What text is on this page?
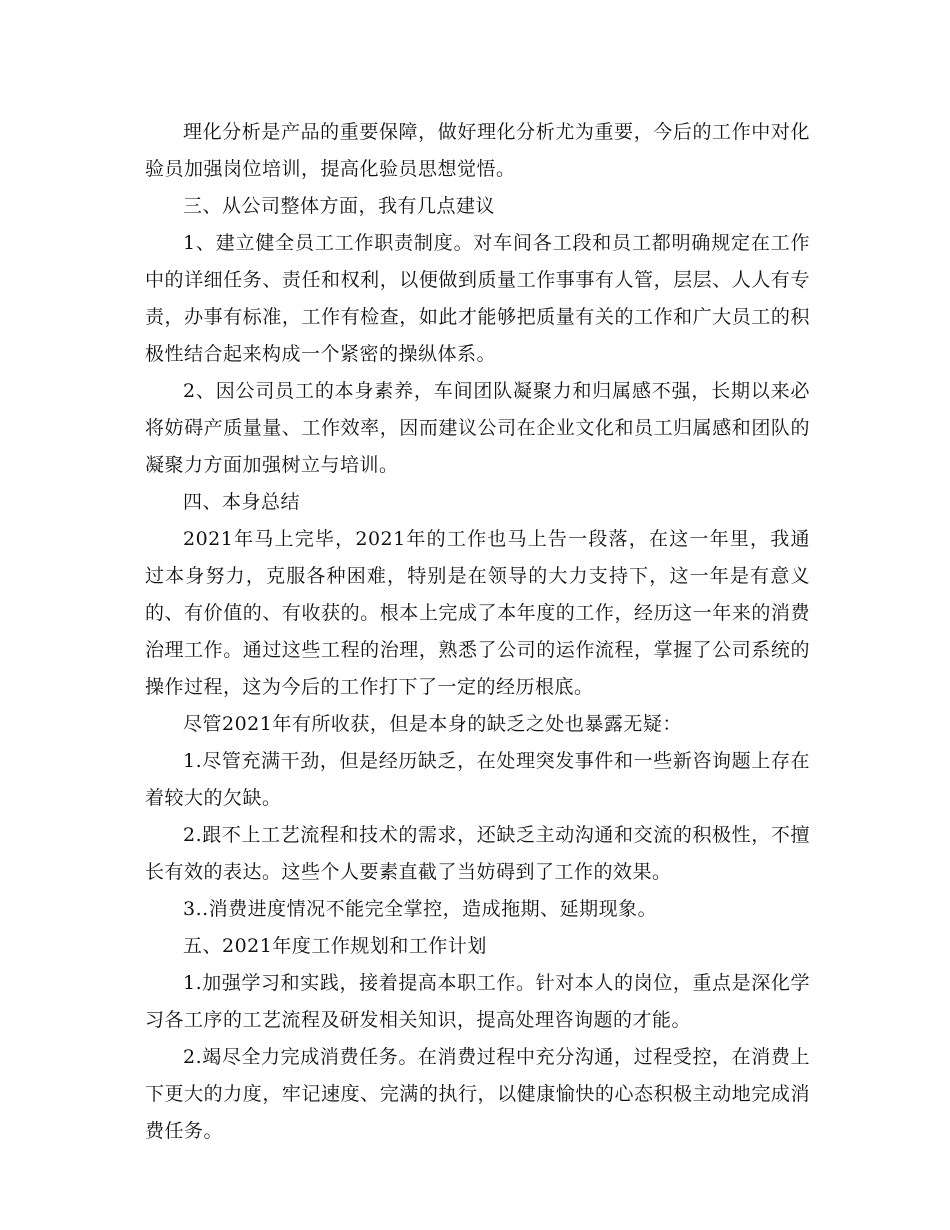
理化分析是产品的重要保障，做好理化分析尤为重要，今后的工作中对化验员加强岗位培训，提高化验员思想觉悟。

三、从公司整体方面，我有几点建议

1、建立健全员工工作职责制度。对车间各工段和员工都明确规定在工作中的详细任务、责任和权利，以便做到质量工作事事有人管，层层、人人有专责，办事有标准，工作有检查，如此才能够把质量有关的工作和广大员工的积极性结合起来构成一个紧密的操纵体系。

2、因公司员工的本身素养，车间团队凝聚力和归属感不强，长期以来必将妨碍产质量量、工作效率，因而建议公司在企业文化和员工归属感和团队的凝聚力方面加强树立与培训。

四、本身总结

2021年马上完毕，2021年的工作也马上告一段落，在这一年里，我通过本身努力，克服各种困难，特别是在领导的大力支持下，这一年是有意义的、有价值的、有收获的。根本上完成了本年度的工作，经历这一年来的消费治理工作。通过这些工程的治理，熟悉了公司的运作流程，掌握了公司系统的操作过程，这为今后的工作打下了一定的经历根底。

尽管2021年有所收获，但是本身的缺乏之处也暴露无疑：

1.尽管充满干劲，但是经历缺乏，在处理突发事件和一些新咨询题上存在着较大的欠缺。

2.跟不上工艺流程和技术的需求，还缺乏主动沟通和交流的积极性，不擅长有效的表达。这些个人要素直截了当妨碍到了工作的效果。

3..消费进度情况不能完全掌控，造成拖期、延期现象。

五、2021年度工作规划和工作计划

1.加强学习和实践，接着提高本职工作。针对本人的岗位，重点是深化学习各工序的工艺流程及研发相关知识，提高处理咨询题的才能。

2.竭尽全力完成消费任务。在消费过程中充分沟通，过程受控，在消费上下更大的力度，牢记速度、完满的执行，以健康愉快的心态积极主动地完成消费任务。
